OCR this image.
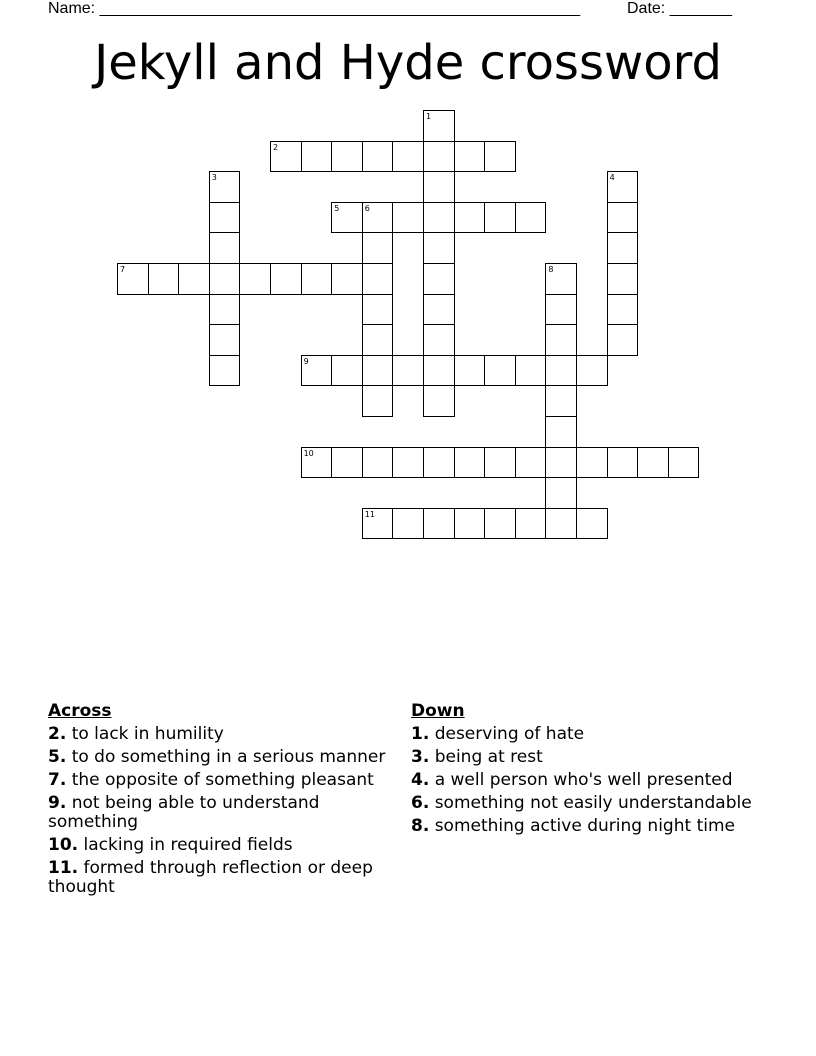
Name: ______________________________________________________	Date: _______
Jekyll and Hyde crossword
1
2
3	4
5	6
7	8
9
10
11
Across
2. to lack in humility
5. to do something in a serious manner
7. the opposite of something pleasant
9. not being able to understand something
10. lacking in required fields
11. formed through reflection or deep thought
Down
1. deserving of hate
3. being at rest
4. a well person who's well presented
6. something not easily understandable
8. something active during night time
